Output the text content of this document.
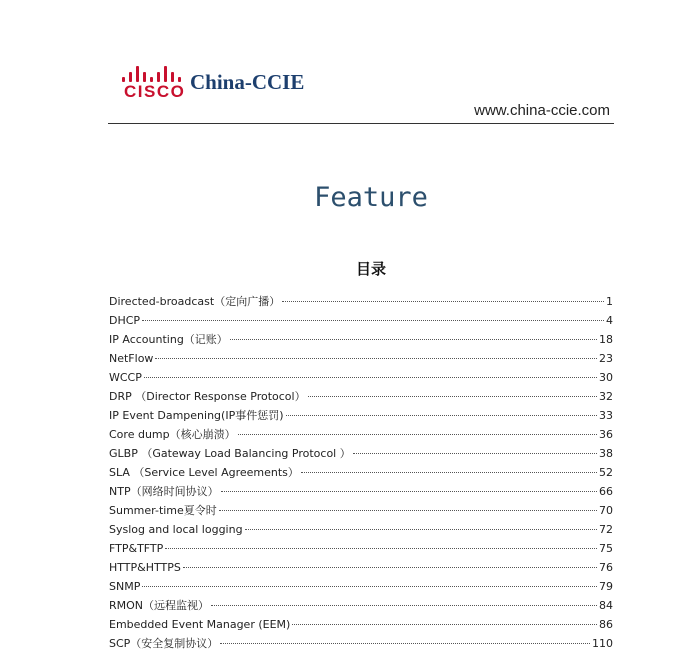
CISCO China-CCIE
www.china-ccie.com
Feature
目录
Directed-broadcast（定向广播）	1
DHCP	4
IP Accounting（记账）	18
NetFlow	23
WCCP	30
DRP （Director Response Protocol）	32
IP Event Dampening(IP事件惩罚)	33
Core dump（核心崩溃）	36
GLBP （Gateway Load Balancing Protocol ）	38
SLA （Service Level Agreements）	52
NTP（网络时间协议）	66
Summer-time夏令时	70
Syslog and local logging	72
FTP&TFTP	75
HTTP&HTTPS	76
SNMP	79
RMON（远程监视）	84
Embedded Event Manager (EEM)	86
SCP（安全复制协议）	110
